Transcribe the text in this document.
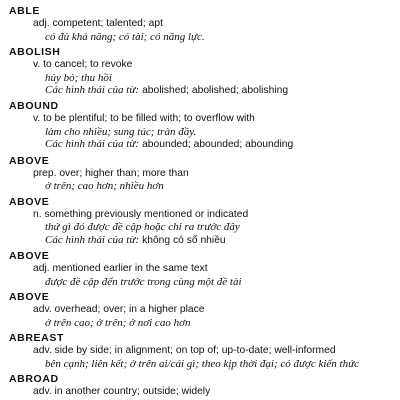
ABLE
adj. competent; talented; apt
có đủ khả năng; có tài; có năng lực.
ABOLISH
v. to cancel; to revoke
hủy bỏ; thu hồi
Các hình thái của từ: abolished; abolished; abolishing
ABOUND
v. to be plentiful; to be filled with; to overflow with
làm cho nhiều; sung túc; tràn đầy.
Các hình thái của từ: abounded; abounded; abounding
ABOVE
prep. over; higher than; more than
ở trên; cao hơn; nhiều hơn
ABOVE
n. something previously mentioned or indicated
thứ gì đó được đề cập hoặc chỉ ra trước đây
Các hình thái của từ: không có số nhiều
ABOVE
adj. mentioned earlier in the same text
được đề cập đến trước trong cùng một đề tài
ABOVE
adv. overhead; over; in a higher place
ở trên cao; ở trên; ở nơi cao hơn
ABREAST
adv. side by side; in alignment; on top of; up-to-date; well-informed
bên cạnh; liên kết; ở trên ai/cái gì; theo kịp thời đại; có được kiến thức
ABROAD
adv. in another country; outside; widely
